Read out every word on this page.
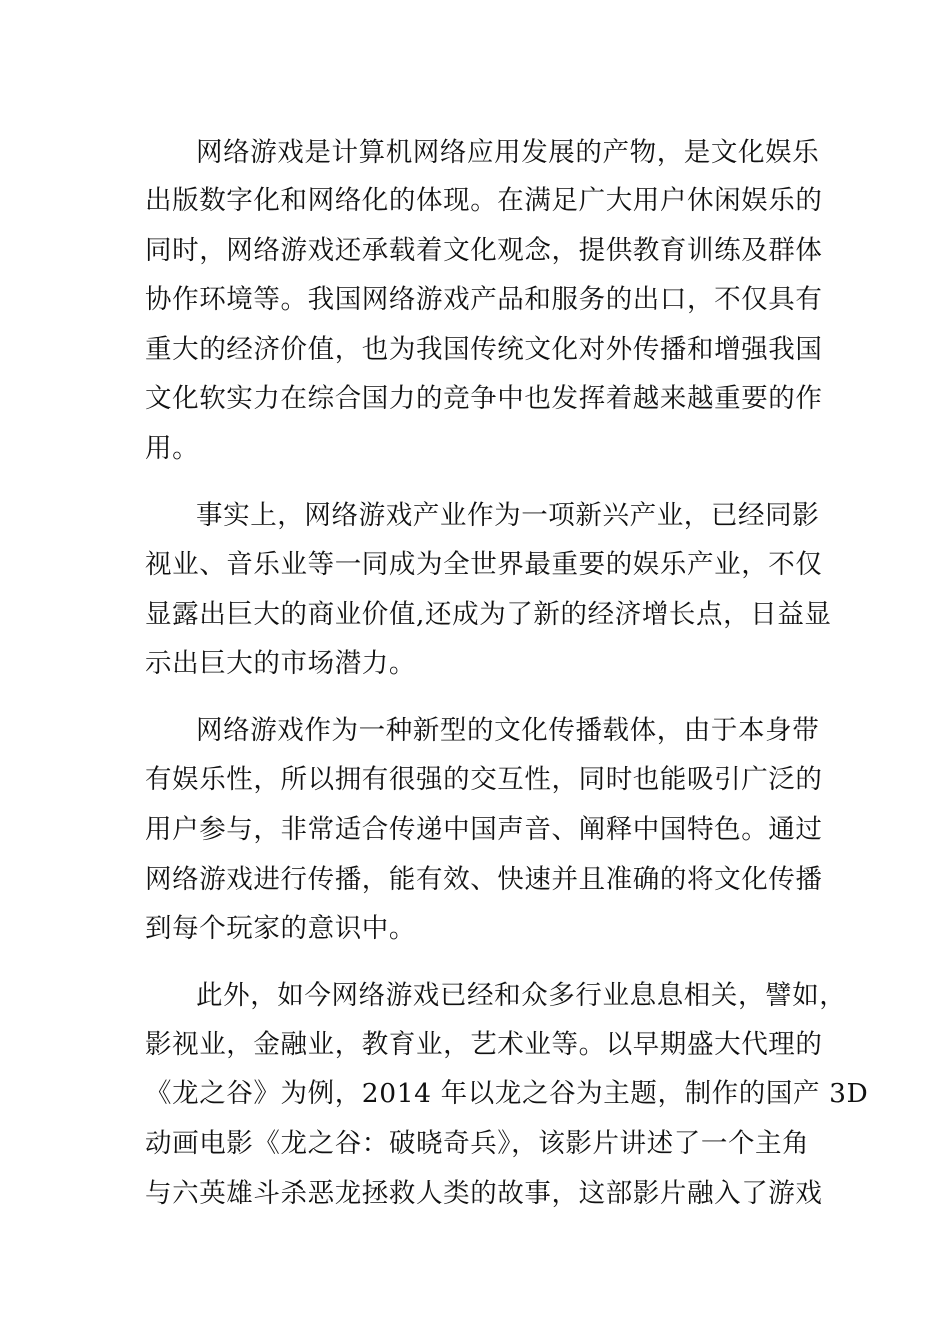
网络游戏是计算机网络应用发展的产物，是文化娱乐
出版数字化和网络化的体现。在满足广大用户休闲娱乐的
同时，网络游戏还承载着文化观念，提供教育训练及群体
协作环境等。我国网络游戏产品和服务的出口，不仅具有
重大的经济价值，也为我国传统文化对外传播和增强我国
文化软实力在综合国力的竞争中也发挥着越来越重要的作
用。
事实上，网络游戏产业作为一项新兴产业，已经同影
视业、音乐业等一同成为全世界最重要的娱乐产业，不仅
显露出巨大的商业价值,还成为了新的经济增长点，日益显
示出巨大的市场潜力。
网络游戏作为一种新型的文化传播载体，由于本身带
有娱乐性，所以拥有很强的交互性，同时也能吸引广泛的
用户参与，非常适合传递中国声音、阐释中国特色。通过
网络游戏进行传播，能有效、快速并且准确的将文化传播
到每个玩家的意识中。
此外，如今网络游戏已经和众多行业息息相关，譬如，
影视业，金融业，教育业，艺术业等。以早期盛大代理的
《龙之谷》为例，2014 年以龙之谷为主题，制作的国产 3D
动画电影《龙之谷：破晓奇兵》，该影片讲述了一个主角
与六英雄斗杀恶龙拯救人类的故事，这部影片融入了游戏
